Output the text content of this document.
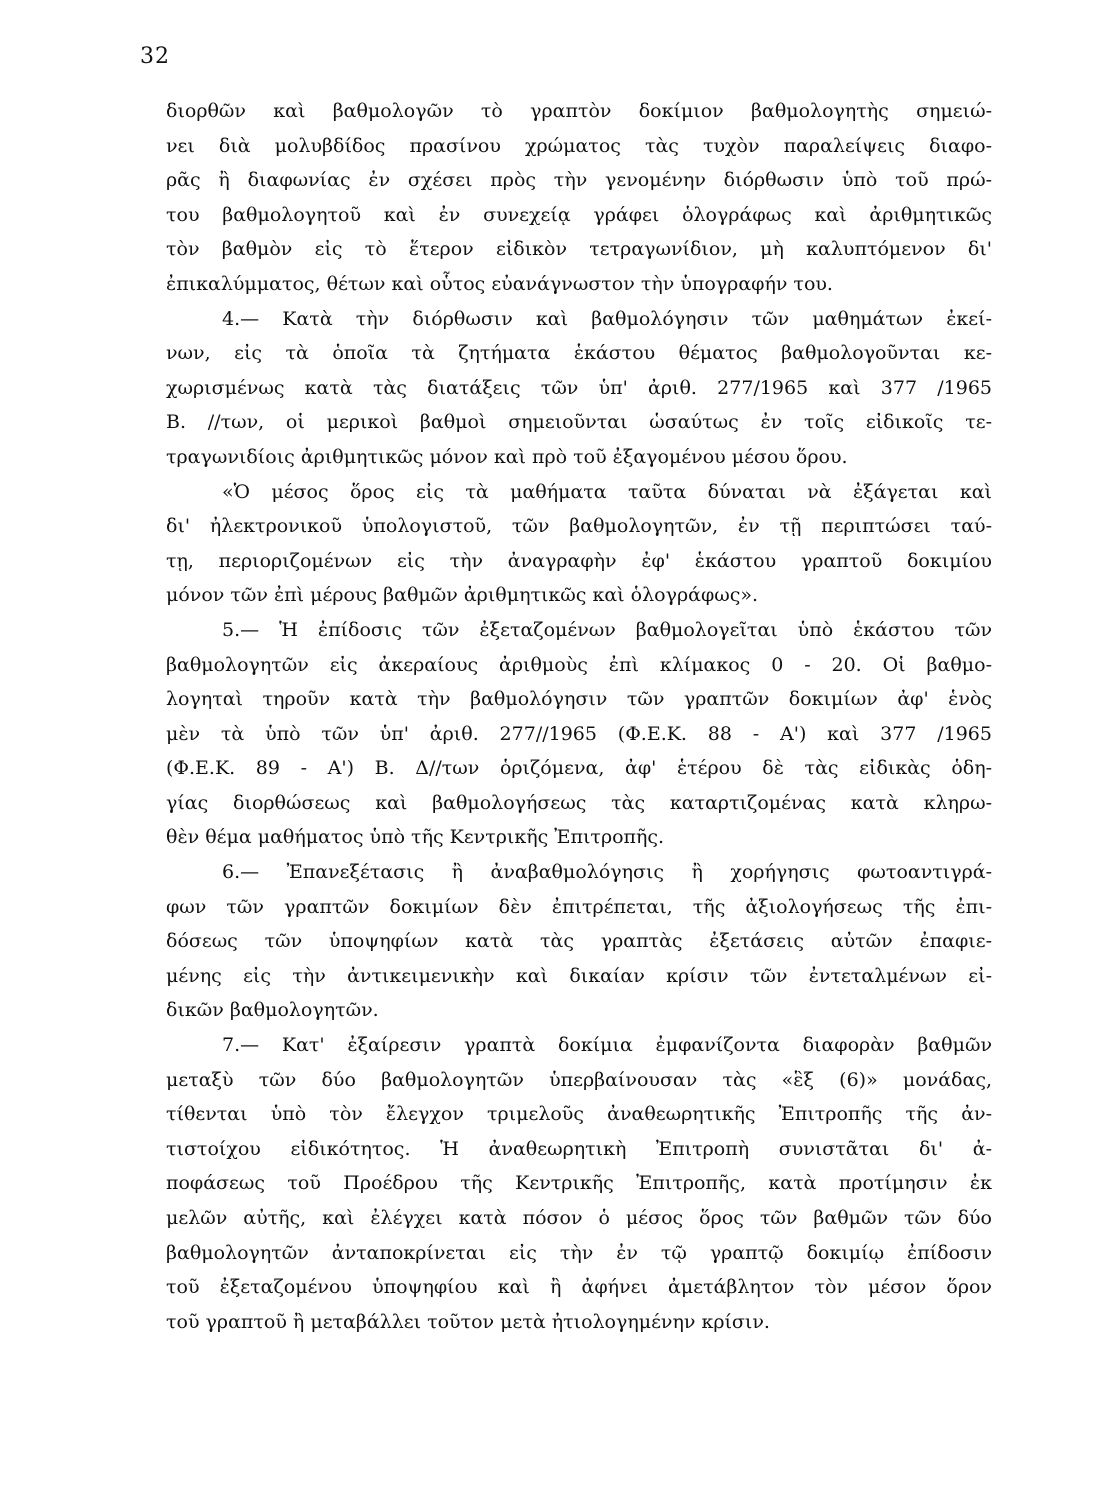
32
διορθῶν καὶ βαθμολογῶν τὸ γραπτὸν δοκίμιον βαθμολογητὴς σημειώ-
νει διὰ μολυβδίδος πρασίνου χρώματος τὰς τυχὸν παραλείψεις διαφο-
ρᾶς ἢ διαφωνίας ἐν σχέσει πρὸς τὴν γενομένην διόρθωσιν ὑπὸ τοῦ πρώ-
του βαθμολογητοῦ καὶ ἐν συνεχείᾳ γράφει ὁλογράφως καὶ ἀριθμητικῶς
τὸν βαθμὸν εἰς τὸ ἕτερον εἰδικὸν τετραγωνίδιον, μὴ καλυπτόμενον δι'
ἐπικαλύμματος, θέτων καὶ οὗτος εὐανάγνωστον τὴν ὑπογραφήν του.
4.— Κατὰ τὴν διόρθωσιν καὶ βαθμολόγησιν τῶν μαθημάτων ἐκεί-
νων, εἰς τὰ ὁποῖα τὰ ζητήματα ἑκάστου θέματος βαθμολογοῦνται κε-
χωρισμένως κατὰ τὰς διατάξεις τῶν ὑπ' ἀριθ. 277/1965 καὶ 377 /1965
Β. //των, οἱ μερικοὶ βαθμοὶ σημειοῦνται ὡσαύτως ἐν τοῖς εἰδικοῖς τε-
τραγωνιδίοις ἀριθμητικῶς μόνον καὶ πρὸ τοῦ ἐξαγομένου μέσου ὅρου.
«Ὁ μέσος ὅρος εἰς τὰ μαθήματα ταῦτα δύναται νὰ ἐξάγεται καὶ
δι' ἠλεκτρονικοῦ ὑπολογιστοῦ, τῶν βαθμολογητῶν, ἐν τῇ περιπτώσει ταύ-
τῃ, περιοριζομένων εἰς τὴν ἀναγραφὴν ἐφ' ἑκάστου γραπτοῦ δοκιμίου
μόνον τῶν ἐπὶ μέρους βαθμῶν ἀριθμητικῶς καὶ ὁλογράφως».
5.— Ἡ ἐπίδοσις τῶν ἐξεταζομένων βαθμολογεῖται ὑπὸ ἑκάστου τῶν
βαθμολογητῶν εἰς ἀκεραίους ἀριθμοὺς ἐπὶ κλίμακος 0 - 20. Οἱ βαθμο-
λογηταὶ τηροῦν κατὰ τὴν βαθμολόγησιν τῶν γραπτῶν δοκιμίων ἀφ' ἑνὸς
μὲν τὰ ὑπὸ τῶν ὑπ' ἀριθ. 277//1965 (Φ.Ε.Κ. 88 - Α') καὶ 377 /1965
(Φ.Ε.Κ. 89 - Α') Β. Δ//των ὁριζόμενα, ἀφ' ἑτέρου δὲ τὰς εἰδικὰς ὁδη-
γίας διορθώσεως καὶ βαθμολογήσεως τὰς καταρτιζομένας κατὰ κληρω-
θὲν θέμα μαθήματος ὑπὸ τῆς Κεντρικῆς Ἐπιτροπῆς.
6.— Ἐπανεξέτασις ἢ ἀναβαθμολόγησις ἢ χορήγησις φωτοαντιγρά-
φων τῶν γραπτῶν δοκιμίων δὲν ἐπιτρέπεται, τῆς ἀξιολογήσεως τῆς ἐπι-
δόσεως τῶν ὑποψηφίων κατὰ τὰς γραπτὰς ἐξετάσεις αὐτῶν ἐπαφιε-
μένης εἰς τὴν ἀντικειμενικὴν καὶ δικαίαν κρίσιν τῶν ἐντεταλμένων εἰ-
δικῶν βαθμολογητῶν.
7.— Κατ' ἐξαίρεσιν γραπτὰ δοκίμια ἐμφανίζοντα διαφορὰν βαθμῶν
μεταξὺ τῶν δύο βαθμολογητῶν ὑπερβαίνουσαν τὰς «ἓξ (6)» μονάδας,
τίθενται ὑπὸ τὸν ἔλεγχον τριμελοῦς ἀναθεωρητικῆς Ἐπιτροπῆς τῆς ἀν-
τιστοίχου εἰδικότητος. Ἡ ἀναθεωρητικὴ Ἐπιτροπὴ συνιστᾶται δι' ἀ-
ποφάσεως τοῦ Προέδρου τῆς Κεντρικῆς Ἐπιτροπῆς, κατὰ προτίμησιν ἐκ
μελῶν αὐτῆς, καὶ ἐλέγχει κατὰ πόσον ὁ μέσος ὅρος τῶν βαθμῶν τῶν δύο
βαθμολογητῶν ἀνταποκρίνεται εἰς τὴν ἐν τῷ γραπτῷ δοκιμίῳ ἐπίδοσιν
τοῦ ἐξεταζομένου ὑποψηφίου καὶ ἢ ἀφήνει ἀμετάβλητον τὸν μέσον ὅρον
τοῦ γραπτοῦ ἢ μεταβάλλει τοῦτον μετὰ ἠτιολογημένην κρίσιν.
